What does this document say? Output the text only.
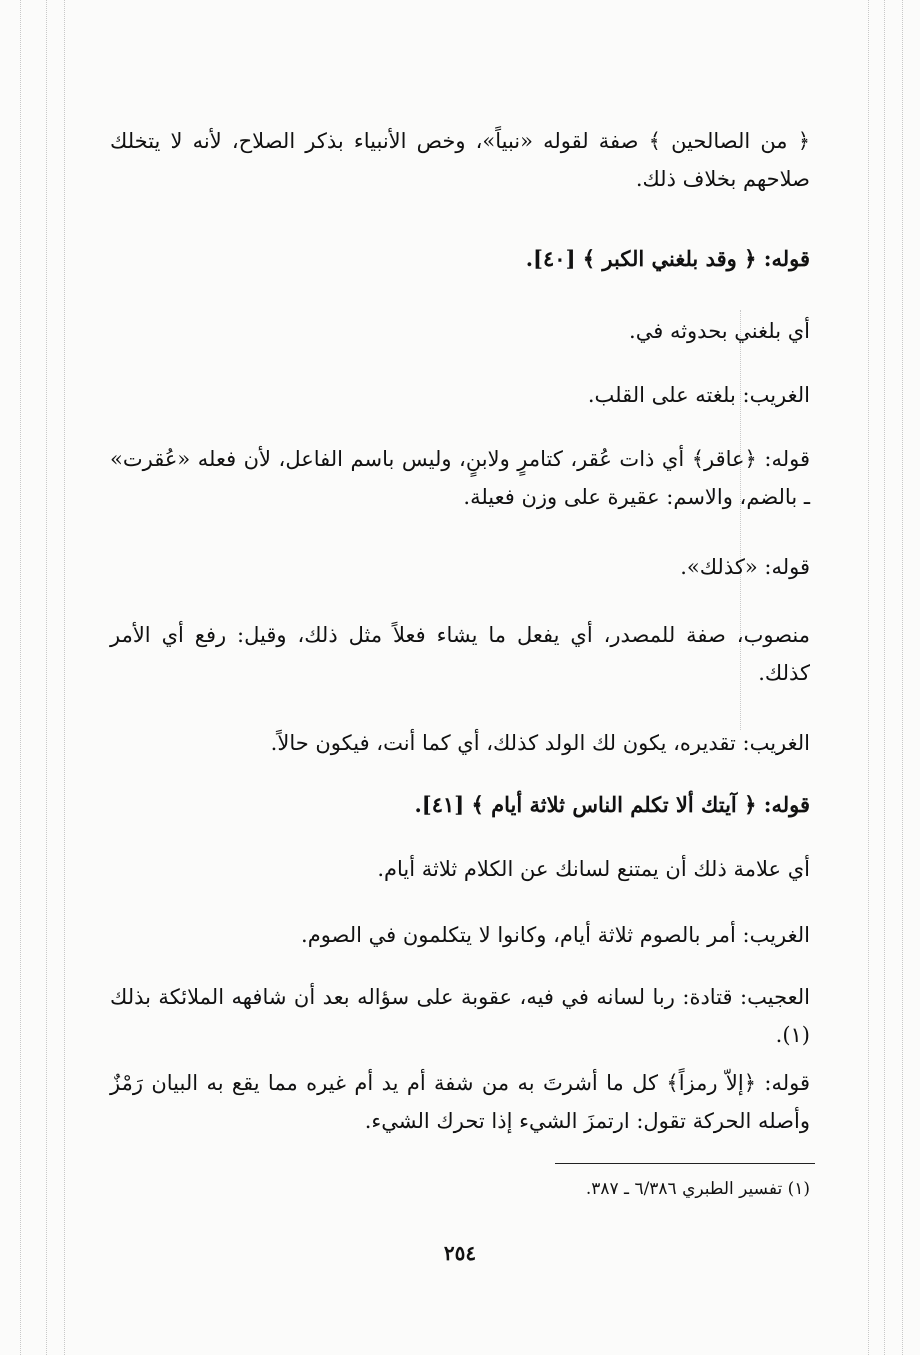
﴿ من الصالحين ﴾ صفة لقوله «نبياً»، وخص الأنبياء بذكر الصلاح، لأنه لا يتخلك صلاحهم بخلاف ذلك.

قوله: ﴿ وقد بلغني الكبر ﴾ [٤٠].

أي بلغني بحدوثه في.

الغريب: بلغته على القلب.

قوله: ﴿عاقر﴾ أي ذات عُقر، كتامرٍ ولابنٍ، وليس باسم الفاعل، لأن فعله «عُقرت» ـ بالضم، والاسم: عقيرة على وزن فعيلة.

قوله: «كذلك».

منصوب، صفة للمصدر، أي يفعل ما يشاء فعلاً مثل ذلك، وقيل: رفع أي الأمر كذلك.

الغريب: تقديره، يكون لك الولد كذلك، أي كما أنت، فيكون حالاً.

قوله: ﴿ آيتك ألا تكلم الناس ثلاثة أيام ﴾ [٤١].

أي علامة ذلك أن يمتنع لسانك عن الكلام ثلاثة أيام.

الغريب: أمر بالصوم ثلاثة أيام، وكانوا لا يتكلمون في الصوم.

العجيب: قتادة: ربا لسانه في فيه، عقوبة على سؤاله بعد أن شافهه الملائكة بذلك (١).

قوله: ﴿إلاّ رمزاً﴾ كل ما أشرتَ به من شفة أم يد أم غيره مما يقع به البيان رَمْزٌ وأصله الحركة تقول: ارتمزَ الشيء إذا تحرك الشيء.

(١) تفسير الطبري ٦/٣٨٦ ـ ٣٨٧.
٢٥٤
